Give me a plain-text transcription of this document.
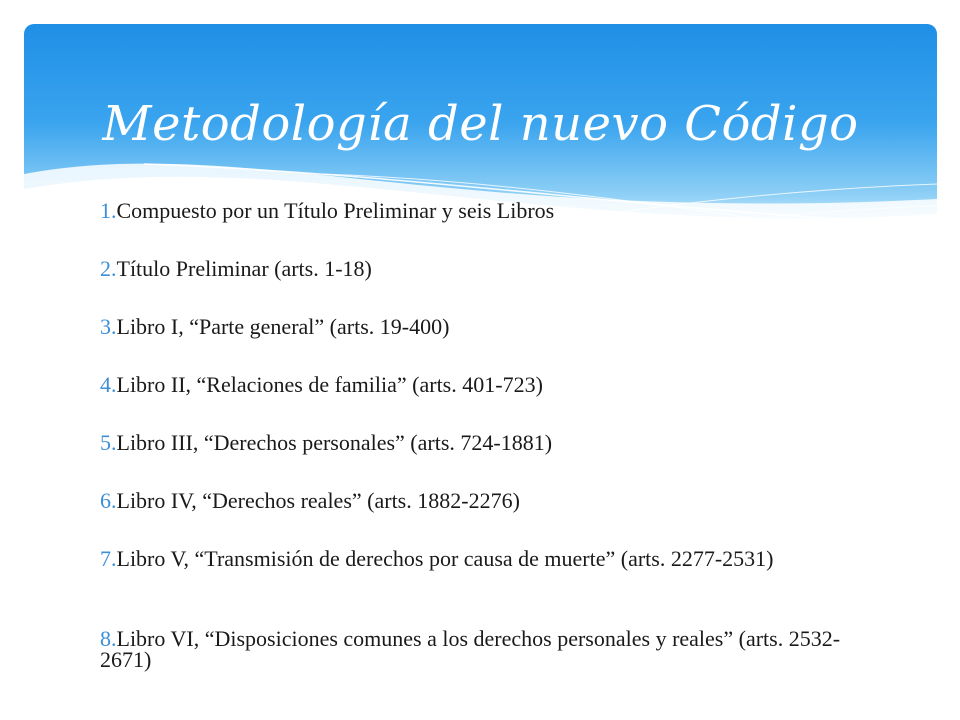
Metodología del nuevo Código
1.Compuesto por un Título Preliminar y seis Libros
2.Título Preliminar (arts. 1-18)
3.Libro I, “Parte general” (arts. 19-400)
4.Libro II, “Relaciones de familia” (arts. 401-723)
5.Libro III, “Derechos personales” (arts. 724-1881)
6.Libro IV, “Derechos reales” (arts. 1882-2276)
7.Libro V, “Transmisión de derechos por causa de muerte” (arts. 2277-2531)
8.Libro VI, “Disposiciones comunes a los derechos personales y reales” (arts. 2532-2671)
